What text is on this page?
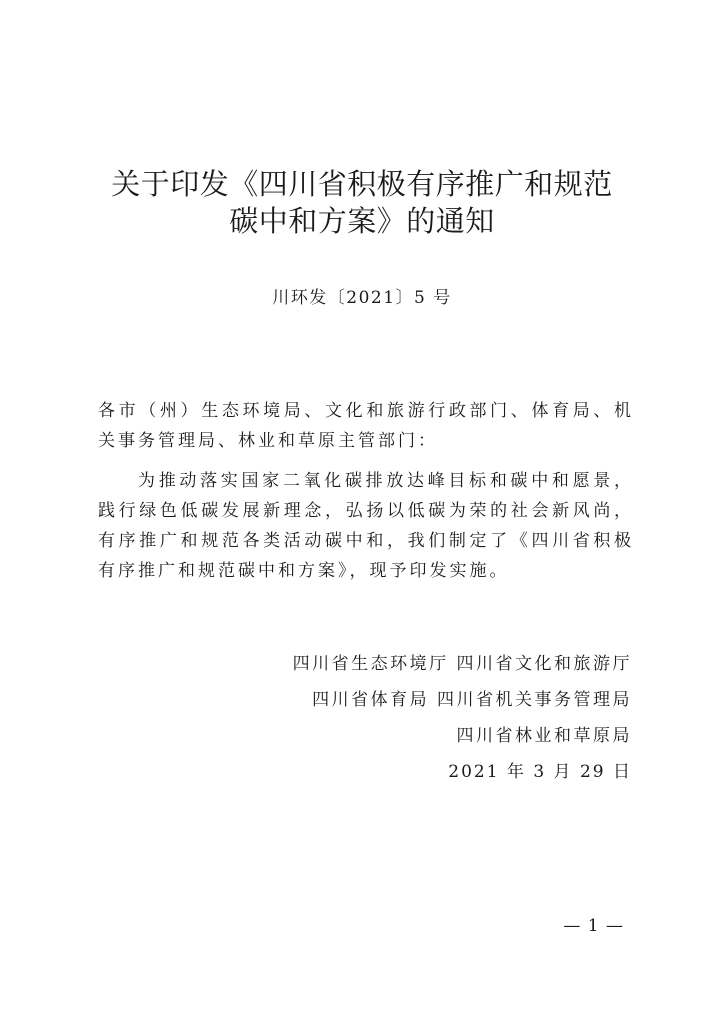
关于印发《四川省积极有序推广和规范
碳中和方案》的通知
川环发〔2021〕5 号
各市（州）生态环境局、文化和旅游行政部门、体育局、机关事务管理局、林业和草原主管部门：
为推动落实国家二氧化碳排放达峰目标和碳中和愿景，践行绿色低碳发展新理念，弘扬以低碳为荣的社会新风尚，有序推广和规范各类活动碳中和，我们制定了《四川省积极有序推广和规范碳中和方案》，现予印发实施。
四川省生态环境厅 四川省文化和旅游厅
四川省体育局 四川省机关事务管理局
四川省林业和草原局
2021 年 3 月 29 日
— 1 —
